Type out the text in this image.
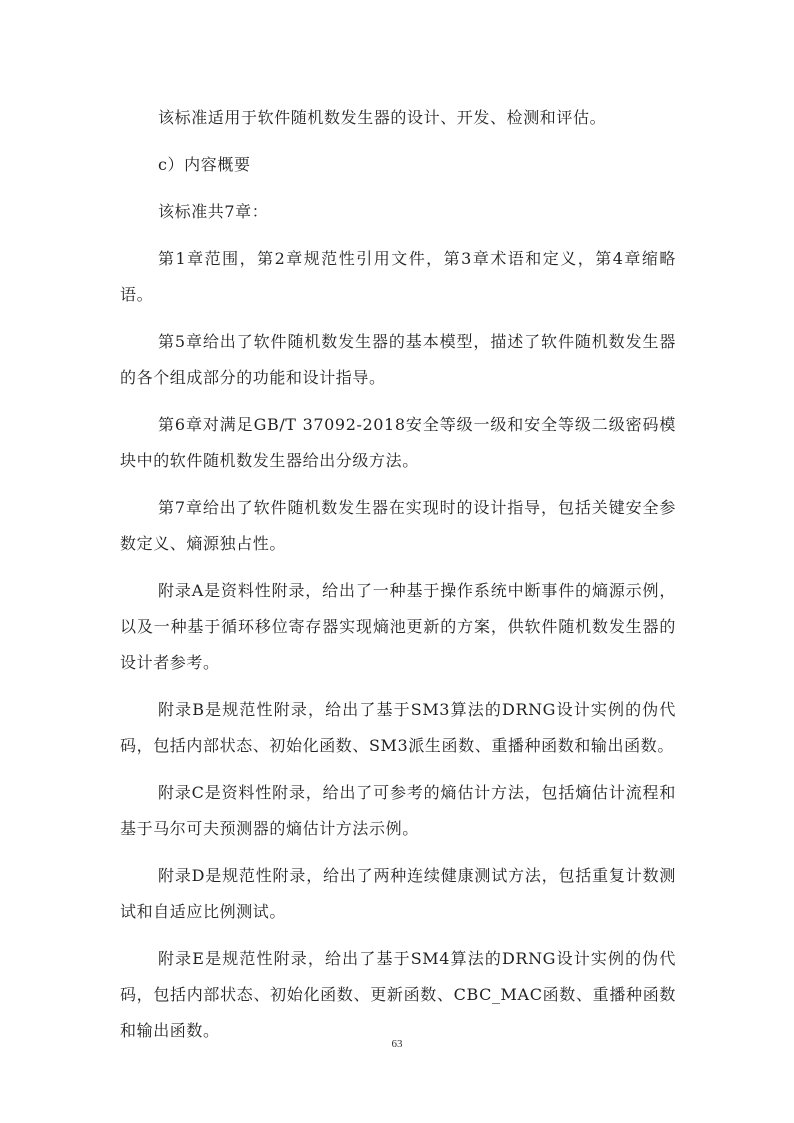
该标准适用于软件随机数发生器的设计、开发、检测和评估。

c）内容概要

该标准共7章：

第1章范围，第2章规范性引用文件，第3章术语和定义，第4章缩略语。

第5章给出了软件随机数发生器的基本模型，描述了软件随机数发生器的各个组成部分的功能和设计指导。

第6章对满足GB/T 37092-2018安全等级一级和安全等级二级密码模块中的软件随机数发生器给出分级方法。

第7章给出了软件随机数发生器在实现时的设计指导，包括关键安全参数定义、熵源独占性。

附录A是资料性附录，给出了一种基于操作系统中断事件的熵源示例，以及一种基于循环移位寄存器实现熵池更新的方案，供软件随机数发生器的设计者参考。

附录B是规范性附录，给出了基于SM3算法的DRNG设计实例的伪代码，包括内部状态、初始化函数、SM3派生函数、重播种函数和输出函数。

附录C是资料性附录，给出了可参考的熵估计方法，包括熵估计流程和基于马尔可夫预测器的熵估计方法示例。

附录D是规范性附录，给出了两种连续健康测试方法，包括重复计数测试和自适应比例测试。

附录E是规范性附录，给出了基于SM4算法的DRNG设计实例的伪代码，包括内部状态、初始化函数、更新函数、CBC_MAC函数、重播种函数和输出函数。

63
